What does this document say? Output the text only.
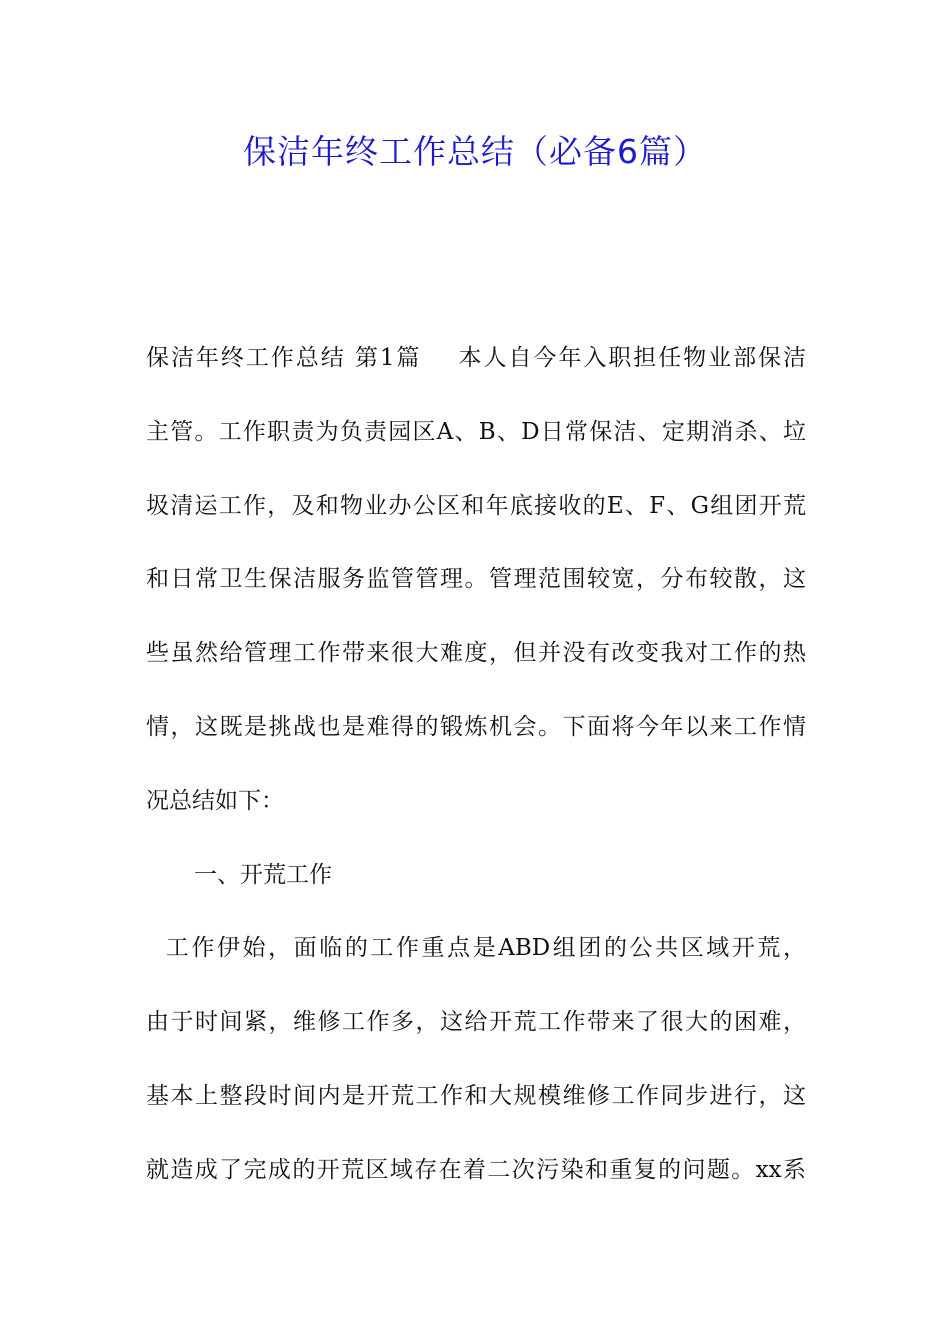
保洁年终工作总结（必备6篇）
保洁年终工作总结 第1篇    本人自今年入职担任物业部保洁
主管。工作职责为负责园区A、B、D日常保洁、定期消杀、垃
圾清运工作，及和物业办公区和年底接收的E、F、G组团开荒
和日常卫生保洁服务监管管理。管理范围较宽，分布较散，这
些虽然给管理工作带来很大难度，但并没有改变我对工作的热
情，这既是挑战也是难得的锻炼机会。下面将今年以来工作情
况总结如下：
一、开荒工作
工作伊始，面临的工作重点是ABD组团的公共区域开荒，
由于时间紧，维修工作多，这给开荒工作带来了很大的困难，
基本上整段时间内是开荒工作和大规模维修工作同步进行，这
就造成了完成的开荒区域存在着二次污染和重复的问题。xx系
